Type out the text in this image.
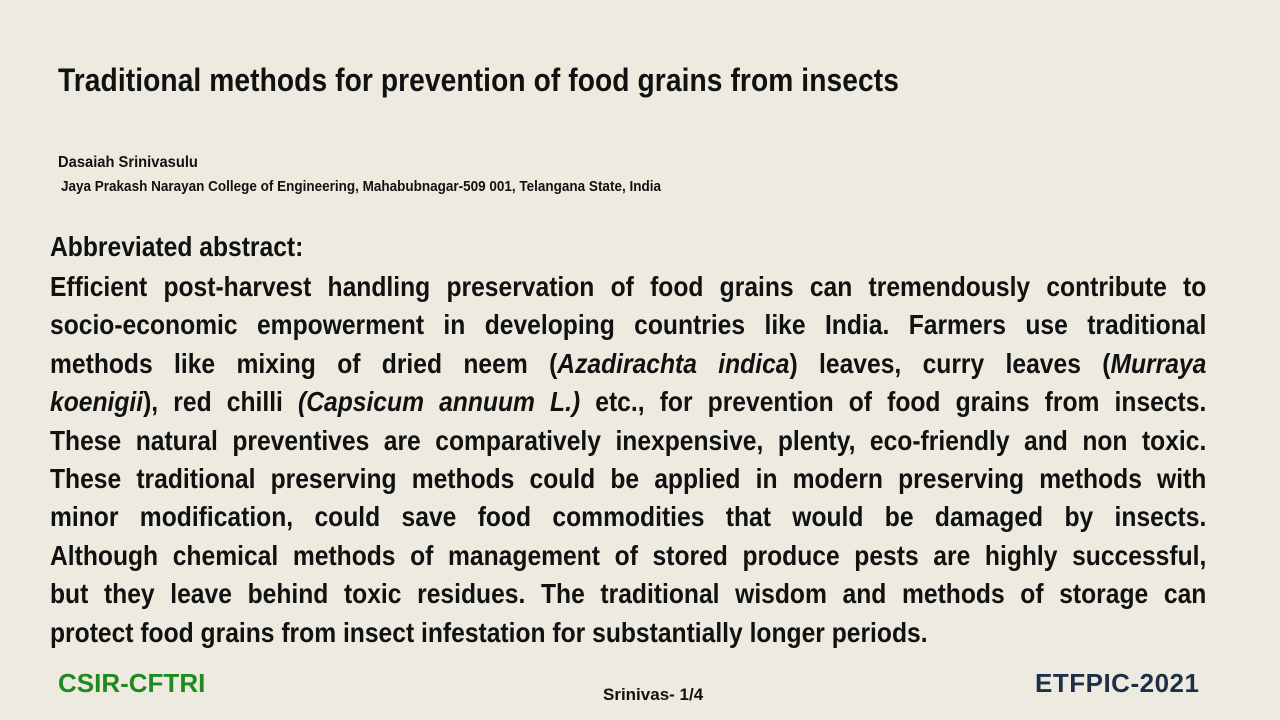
Traditional methods for prevention of food grains from insects
Dasaiah Srinivasulu
Jaya Prakash Narayan College of Engineering, Mahabubnagar-509 001, Telangana State, India
Abbreviated abstract:
Efficient post-harvest handling preservation of food grains can tremendously contribute to
socio-economic empowerment in developing countries like India. Farmers use traditional
methods like mixing of dried neem (Azadirachta indica) leaves, curry leaves (Murraya
koenigii), red chilli (Capsicum annuum L.) etc., for prevention of food grains from insects.
These natural preventives are comparatively inexpensive, plenty, eco-friendly and non toxic.
These traditional preserving methods could be applied in modern preserving methods with
minor modification, could save food commodities that would be damaged by insects.
Although chemical methods of management of stored produce pests are highly successful,
but they leave behind toxic residues. The traditional wisdom and methods of storage can
protect food grains from insect infestation for substantially longer periods.
CSIR-CFTRI	Srinivas- 1/4	ETFPIC-2021
